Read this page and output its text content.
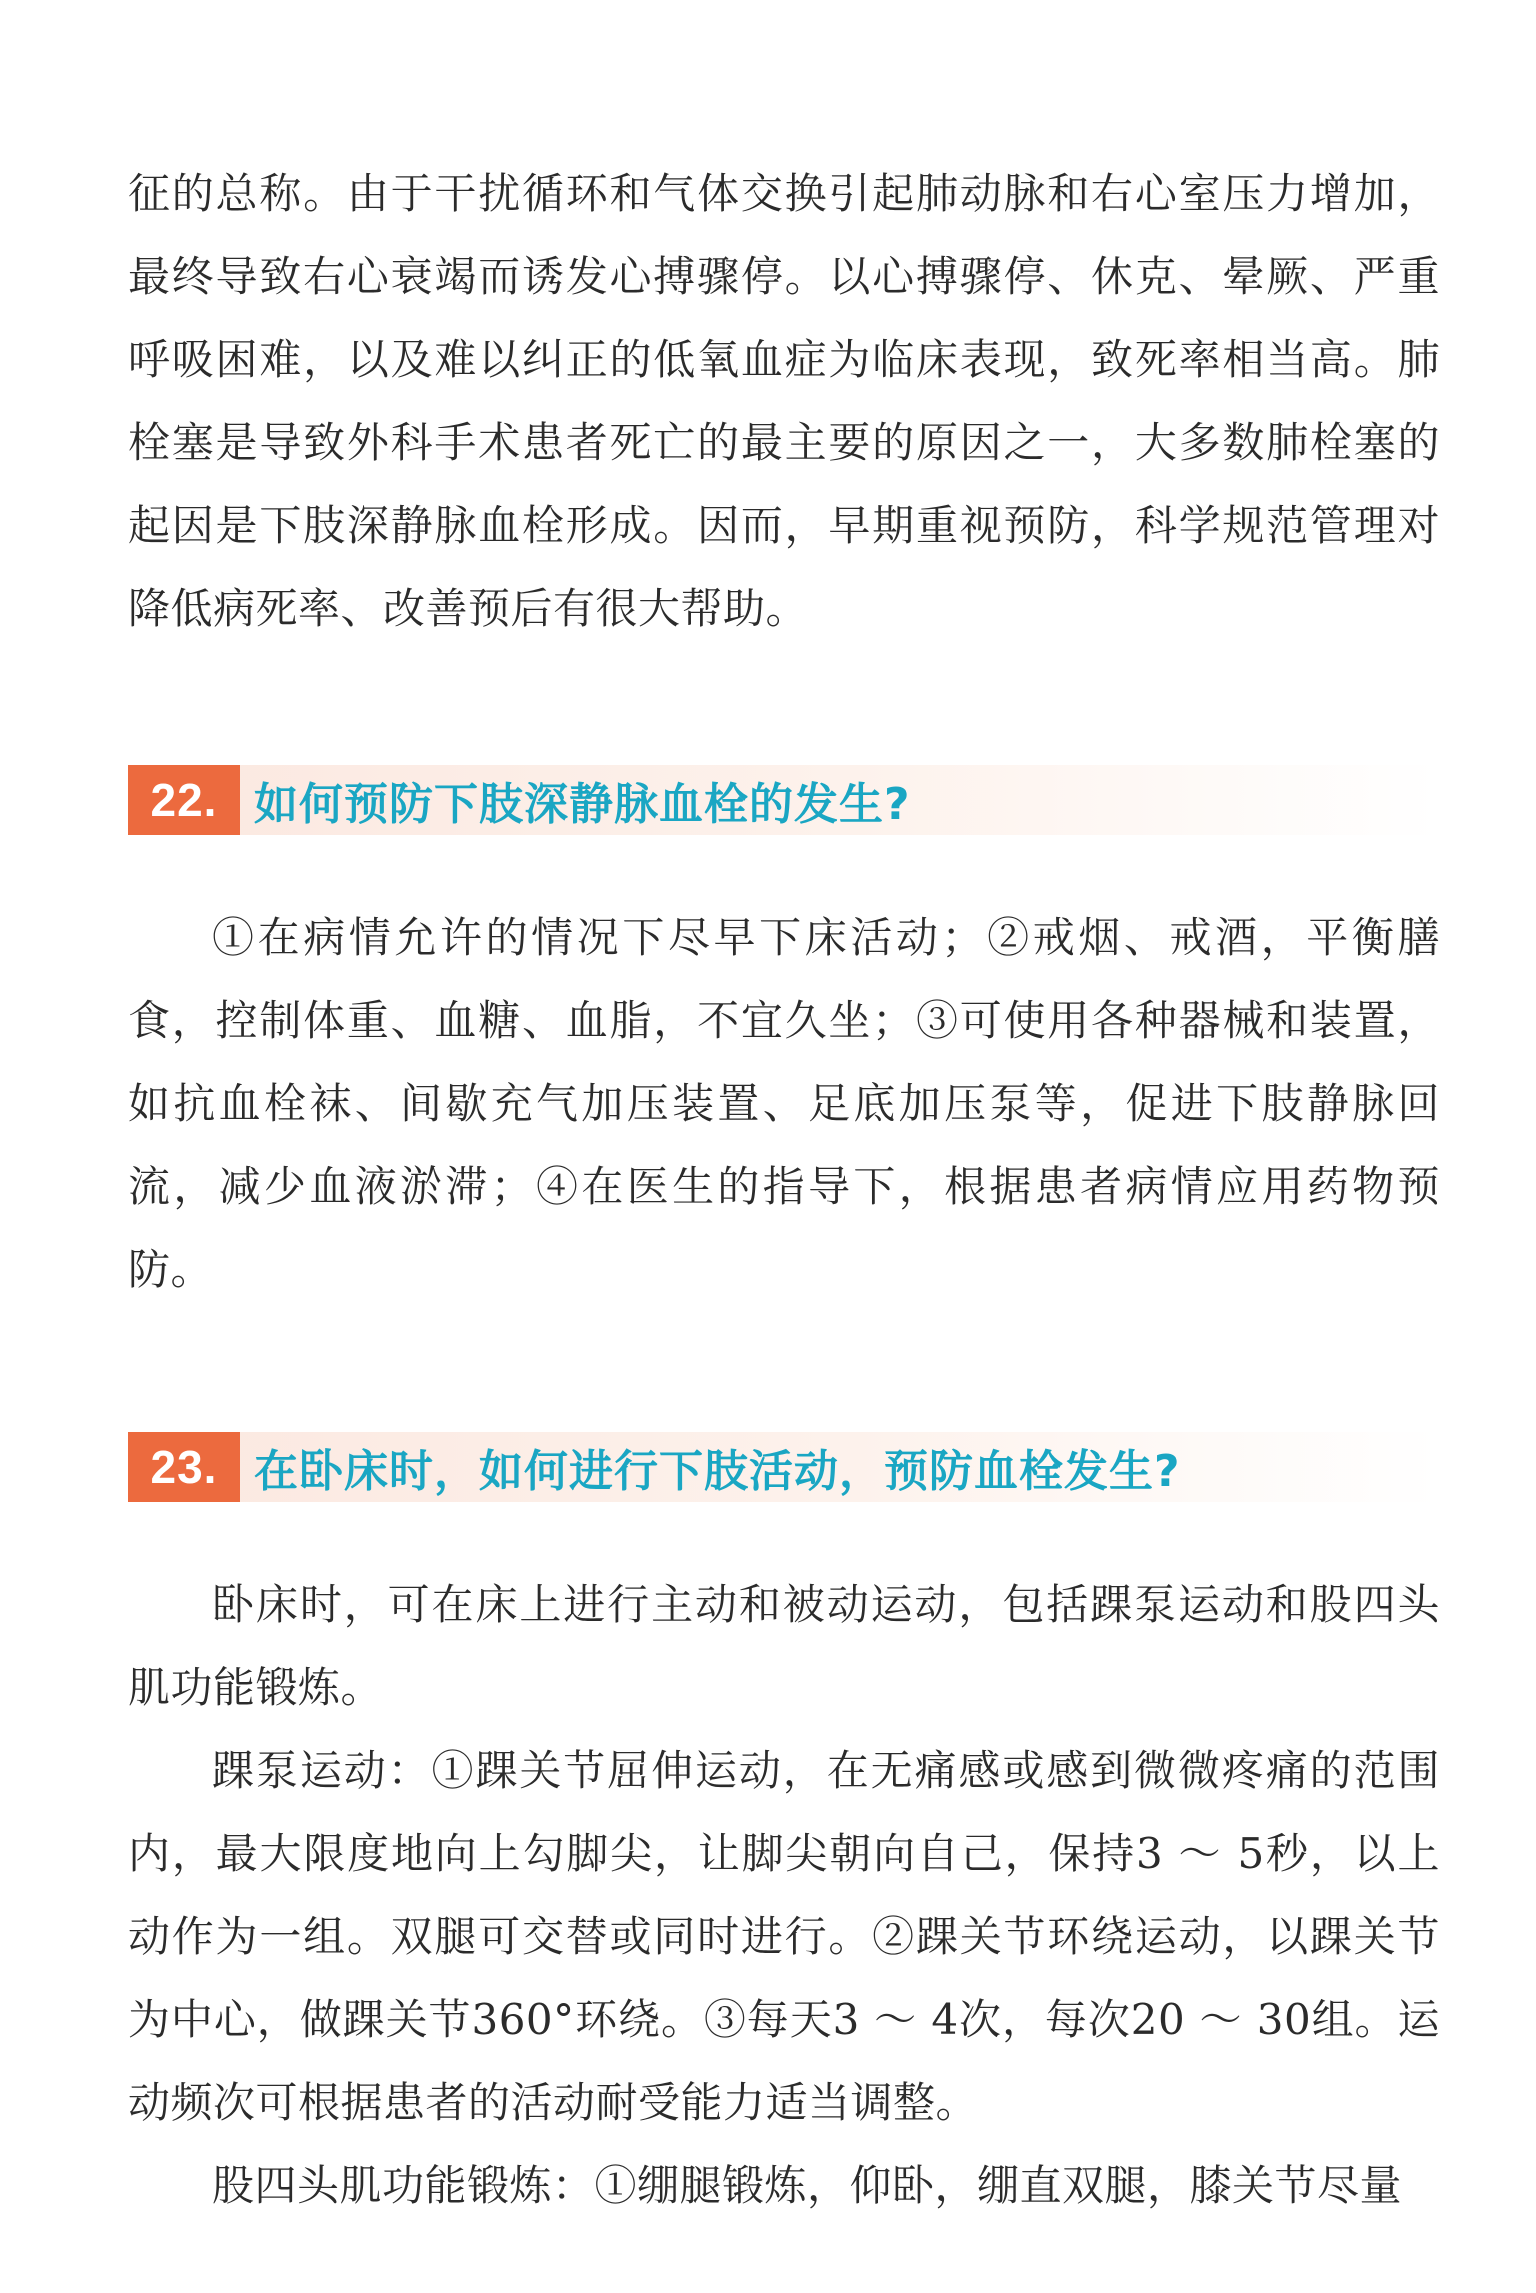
征的总称。由于干扰循环和气体交换引起肺动脉和右心室压力增加，最终导致右心衰竭而诱发心搏骤停。以心搏骤停、休克、晕厥、严重呼吸困难，以及难以纠正的低氧血症为临床表现，致死率相当高。肺栓塞是导致外科手术患者死亡的最主要的原因之一，大多数肺栓塞的起因是下肢深静脉血栓形成。因而，早期重视预防，科学规范管理对降低病死率、改善预后有很大帮助。

22. 如何预防下肢深静脉血栓的发生?

①在病情允许的情况下尽早下床活动；②戒烟、戒酒，平衡膳食，控制体重、血糖、血脂，不宜久坐；③可使用各种器械和装置，如抗血栓袜、间歇充气加压装置、足底加压泵等，促进下肢静脉回流，减少血液淤滞；④在医生的指导下，根据患者病情应用药物预防。

23. 在卧床时，如何进行下肢活动，预防血栓发生?

卧床时，可在床上进行主动和被动运动，包括踝泵运动和股四头肌功能锻炼。

踝泵运动：①踝关节屈伸运动，在无痛感或感到微微疼痛的范围内，最大限度地向上勾脚尖，让脚尖朝向自己，保持3 ～ 5秒，以上动作为一组。双腿可交替或同时进行。②踝关节环绕运动，以踝关节为中心，做踝关节360°环绕。③每天3 ～ 4次，每次20 ～ 30组。运动频次可根据患者的活动耐受能力适当调整。

股四头肌功能锻炼：①绷腿锻炼，仰卧，绷直双腿，膝关节尽量
